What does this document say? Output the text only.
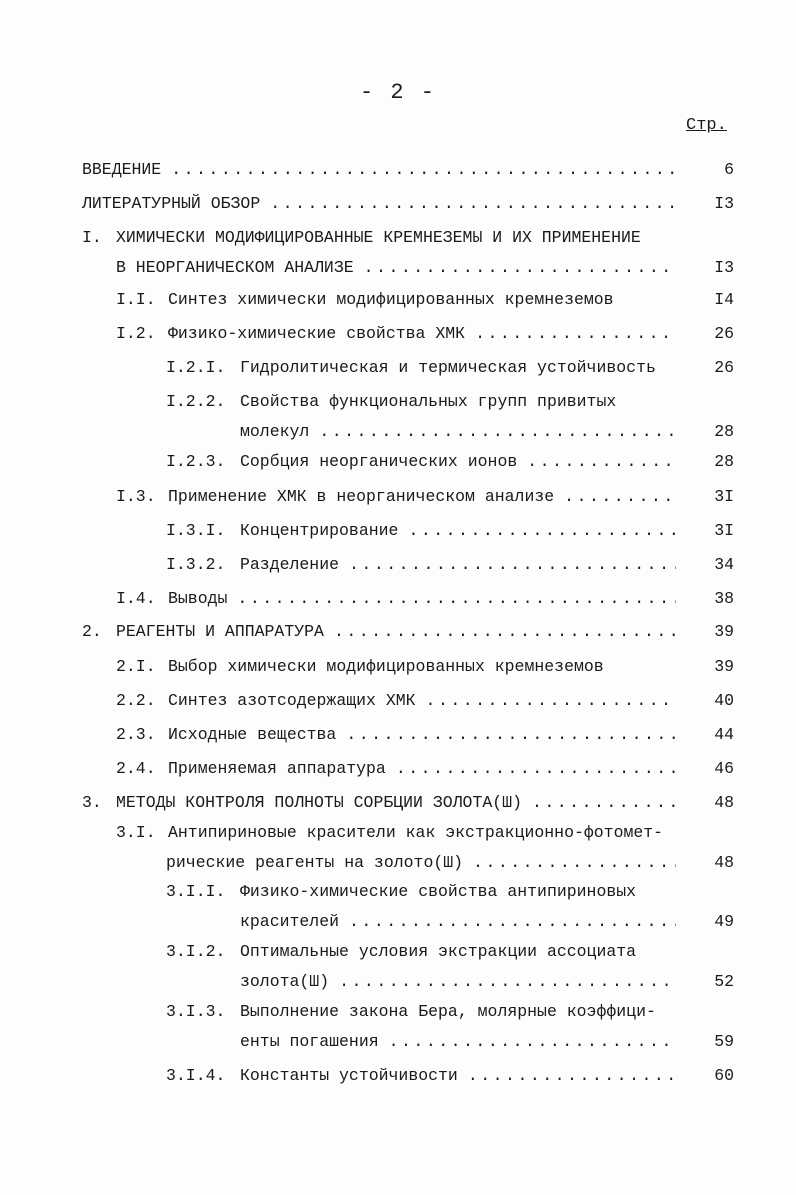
- 2 -
Стр.
6
ВВЕДЕНИЕ
.....
I3
ЛИТЕРАТУРНЫЙ ОБЗОР
.....
I. ХИМИЧЕСКИ МОДИФИЦИРОВАННЫЕ КРЕМНЕЗЕМЫ И ИХ ПРИМЕНЕНИЕ
I3
В НЕОРГАНИЧЕСКОМ АНАЛИЗЕ
.....
I4
I.I. Синтез химически модифицированных кремнеземов
26
I.2. Физико-химические свойства ХМК
.....
26
I.2.I. Гидролитическая и термическая устойчивость
I.2.2. Свойства функциональных групп привитых
28
молекул
.....
28
I.2.3. Сорбция неорганических ионов
.....
3I
I.3. Применение ХМК в неорганическом анализе
.....
3I
I.3.I. Концентрирование
.....
34
I.3.2. Разделение
.....
38
I.4. Выводы
.....
39
2. РЕАГЕНТЫ И АППАРАТУРА
.....
39
2.I. Выбор химически модифицированных кремнеземов
40
2.2. Синтез азотсодержащих ХМК
.....
44
2.3. Исходные вещества
.....
46
2.4. Применяемая аппаратура
.....
48
3. МЕТОДЫ КОНТРОЛЯ ПОЛНОТЫ СОРБЦИИ ЗОЛОТА(Ш)
.....
3.I. Антипириновые красители как экстракционно-фотомет-
48
рические реагенты на золото(Ш)
.....
3.I.I. Физико-химические свойства антипириновых
49
красителей
.....
3.I.2. Оптимальные условия экстракции ассоциата
52
золота(Ш)
.....
3.I.3. Выполнение закона Бера, молярные коэффици-
59
енты погашения
.....
60
3.I.4. Константы устойчивости
.....
